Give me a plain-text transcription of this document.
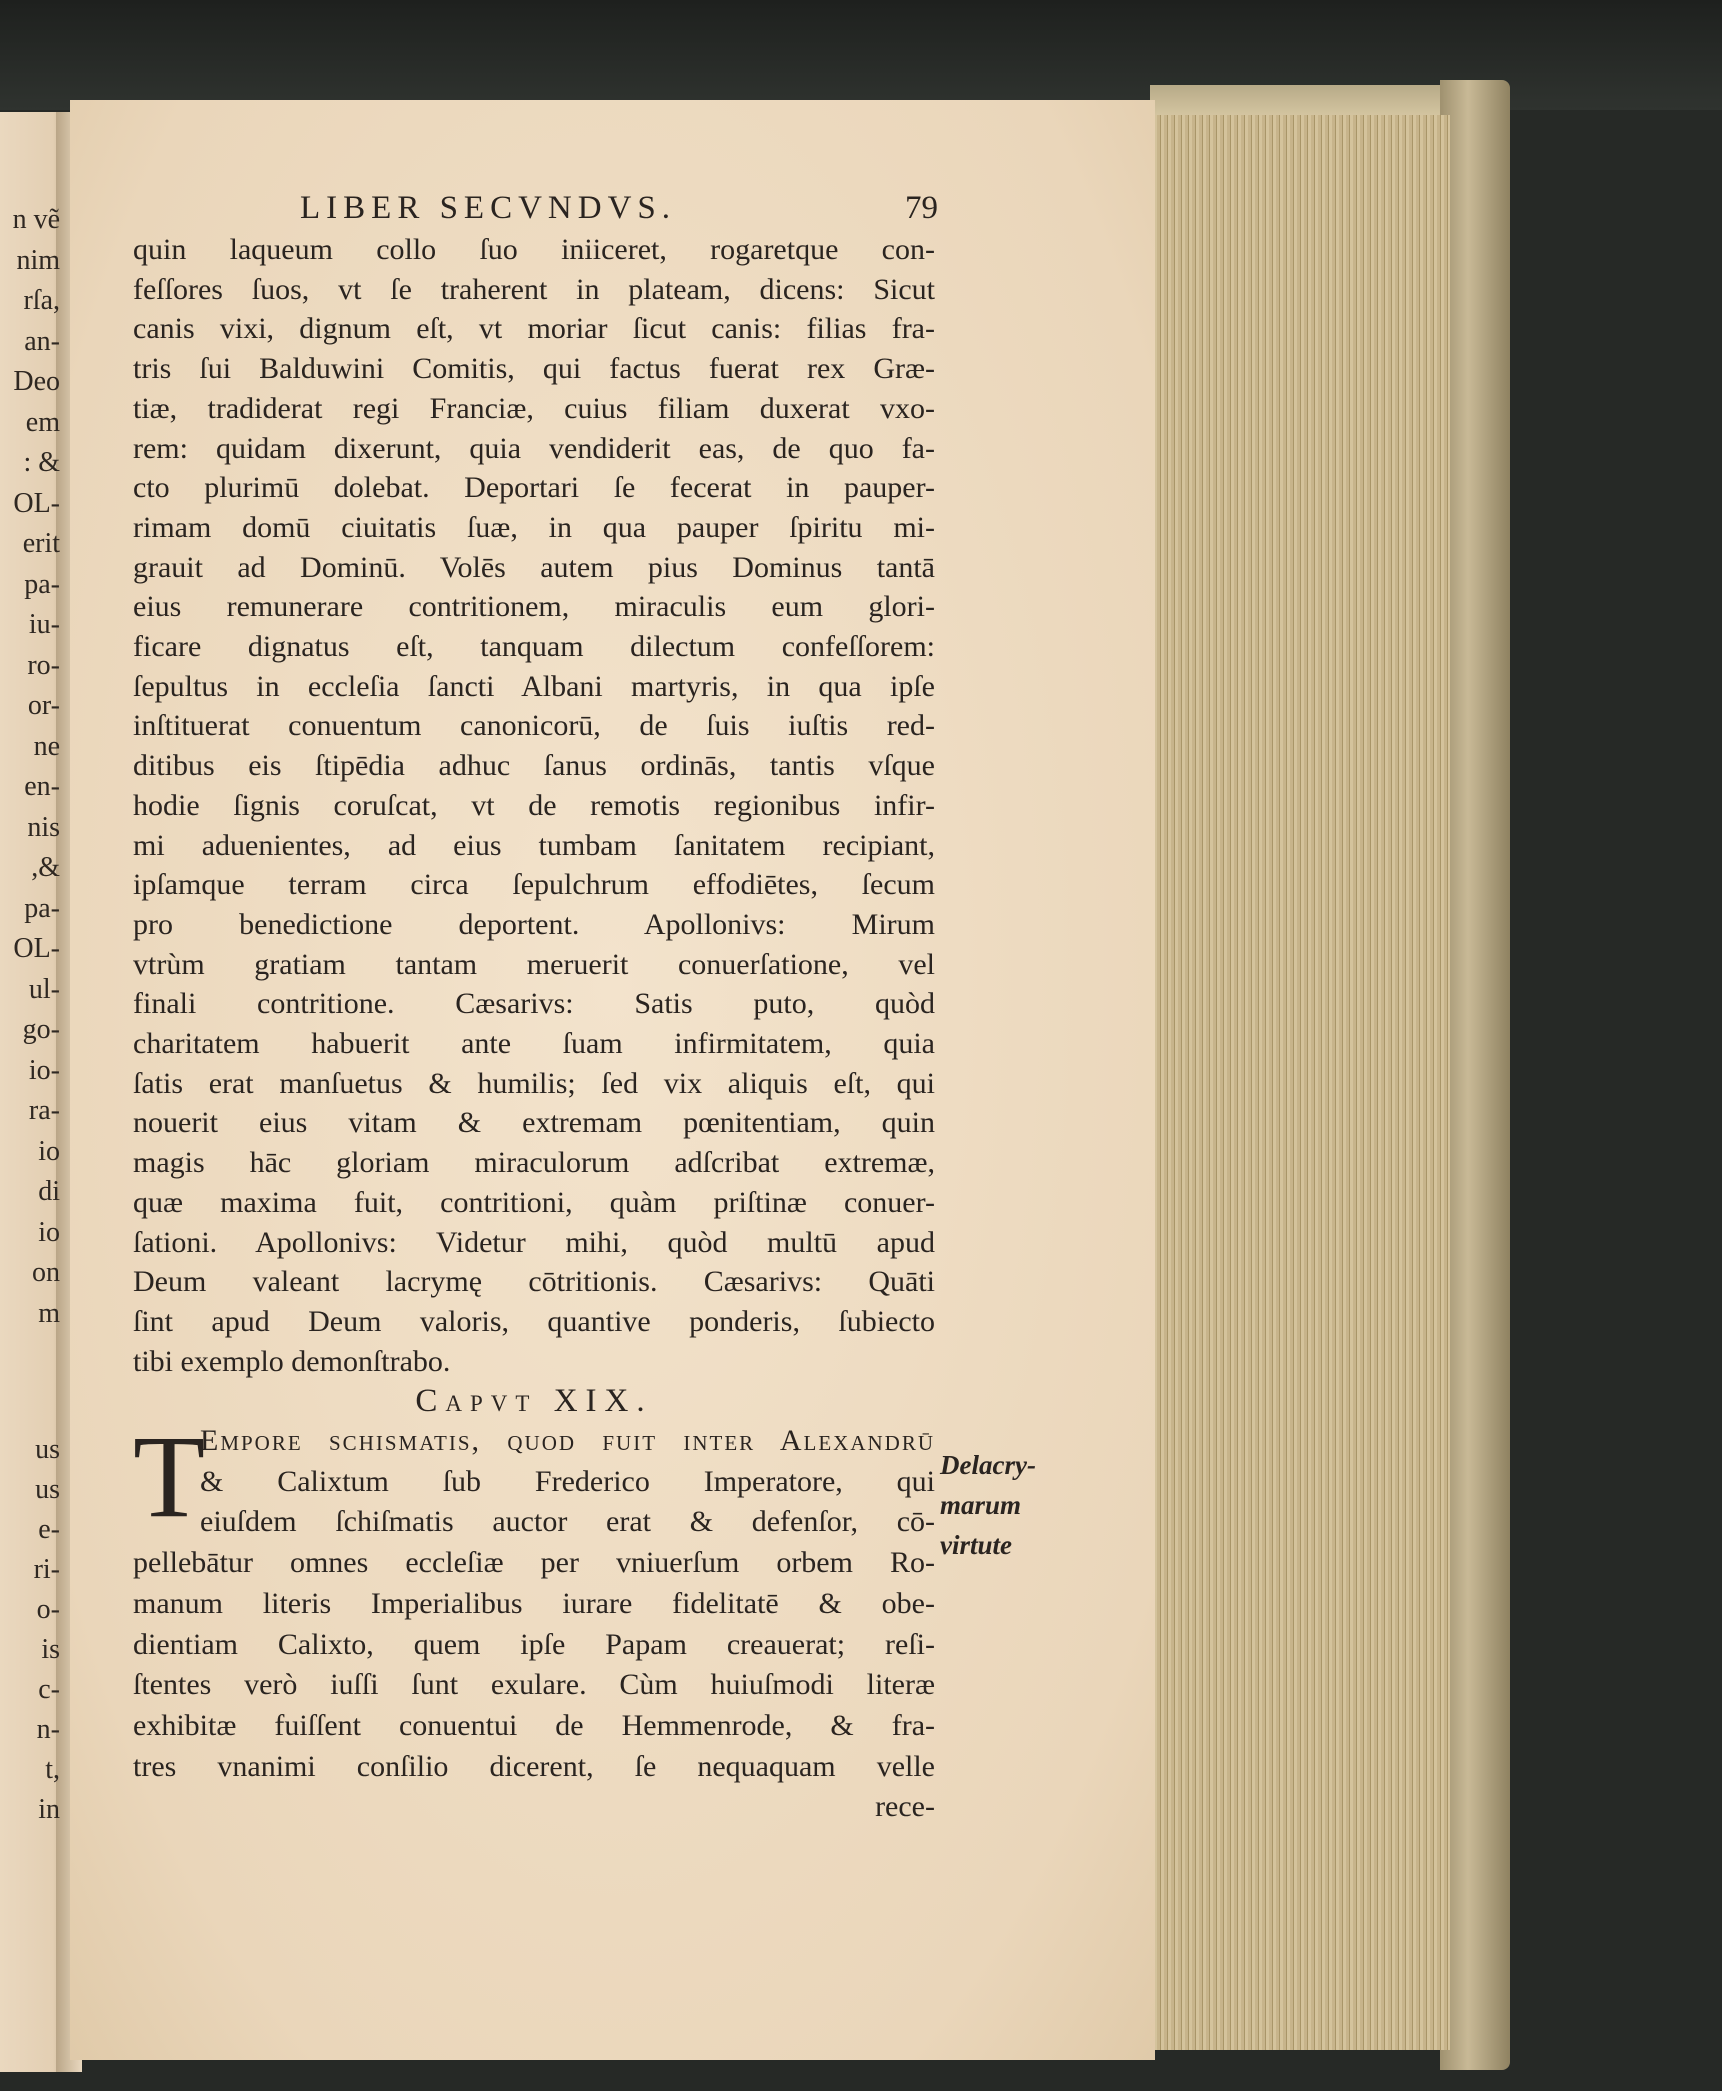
LIBER SECVNDVS.	79
Capvt XIX.
T
n vẽ
nim
rſa,
an-
Deo
em
: &
OL-
erit
pa-
iu-
ro-
or-
ne
en-
nis
,&
pa-
OL-
ul-
go-
io-
ra-
io
di
io
on
m
us
us
e-
ri-
o-
is
c-
n-
t,
in
quin laqueum collo ſuo iniiceret, rogaretque con-
feſſores ſuos, vt ſe traherent in plateam, dicens: Sicut
canis vixi, dignum eſt, vt moriar ſicut canis: filias fra-
tris ſui Balduwini Comitis, qui factus fuerat rex Græ-
tiæ, tradiderat regi Franciæ, cuius filiam duxerat vxo-
rem: quidam dixerunt, quia vendiderit eas, de quo fa-
cto plurimū dolebat. Deportari ſe fecerat in pauper-
rimam domū ciuitatis ſuæ, in qua pauper ſpiritu mi-
grauit ad Dominū. Volēs autem pius Dominus tantā
eius remunerare contritionem, miraculis eum glori-
ficare dignatus eſt, tanquam dilectum confeſſorem:
ſepultus in eccleſia ſancti Albani martyris, in qua ipſe
inſtituerat conuentum canonicorū, de ſuis iuſtis red-
ditibus eis ſtipēdia adhuc ſanus ordinās, tantis vſque
hodie ſignis coruſcat, vt de remotis regionibus infir-
mi aduenientes, ad eius tumbam ſanitatem recipiant,
ipſamque terram circa ſepulchrum effodiētes, ſecum
pro benedictione deportent. Apollonivs: Mirum
vtrùm gratiam tantam meruerit conuerſatione, vel
finali contritione. Cæsarivs: Satis puto, quòd
charitatem habuerit ante ſuam infirmitatem, quia
ſatis erat manſuetus & humilis; ſed vix aliquis eſt, qui
nouerit eius vitam & extremam pœnitentiam, quin
magis hāc gloriam miraculorum adſcribat extremæ,
quæ maxima fuit, contritioni, quàm priſtinæ conuer-
ſationi. Apollonivs: Videtur mihi, quòd multū apud
Deum valeant lacrymę cōtritionis. Cæsarivs: Quāti
ſint apud Deum valoris, quantive ponderis, ſubiecto
tibi exemplo demonſtrabo.
Empore ſchiſmatis, quod fuit inter Alexandrū
& Calixtum ſub Frederico Imperatore, qui
eiuſdem ſchiſmatis auctor erat & defenſor, cō-
pellebātur omnes eccleſiæ per vniuerſum orbem Ro-
manum literis Imperialibus iurare fidelitatē & obe-
dientiam Calixto, quem ipſe Papam creauerat; reſi-
ſtentes verò iuſſi ſunt exulare. Cùm huiuſmodi literæ
exhibitæ fuiſſent conuentui de Hemmenrode, & fra-
tres vnanimi conſilio dicerent, ſe nequaquam velle
rece-
Delacry-
marum
virtute
